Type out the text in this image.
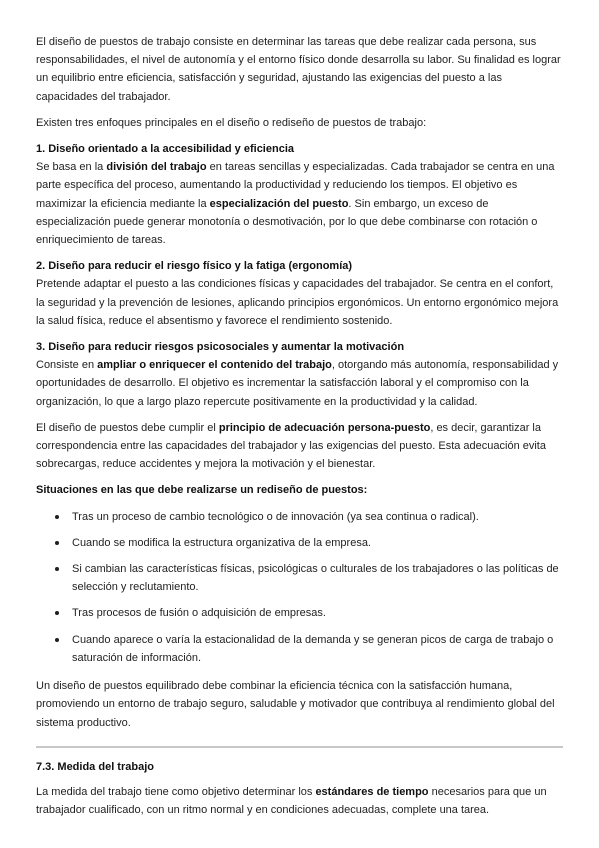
El diseño de puestos de trabajo consiste en determinar las tareas que debe realizar cada persona, sus responsabilidades, el nivel de autonomía y el entorno físico donde desarrolla su labor. Su finalidad es lograr un equilibrio entre eficiencia, satisfacción y seguridad, ajustando las exigencias del puesto a las capacidades del trabajador.

Existen tres enfoques principales en el diseño o rediseño de puestos de trabajo:

1. Diseño orientado a la accesibilidad y eficiencia
Se basa en la división del trabajo en tareas sencillas y especializadas. Cada trabajador se centra en una parte específica del proceso, aumentando la productividad y reduciendo los tiempos. El objetivo es maximizar la eficiencia mediante la especialización del puesto. Sin embargo, un exceso de especialización puede generar monotonía o desmotivación, por lo que debe combinarse con rotación o enriquecimiento de tareas.
2. Diseño para reducir el riesgo físico y la fatiga (ergonomía)
Pretende adaptar el puesto a las condiciones físicas y capacidades del trabajador. Se centra en el confort, la seguridad y la prevención de lesiones, aplicando principios ergonómicos. Un entorno ergonómico mejora la salud física, reduce el absentismo y favorece el rendimiento sostenido.
3. Diseño para reducir riesgos psicosociales y aumentar la motivación
Consiste en ampliar o enriquecer el contenido del trabajo, otorgando más autonomía, responsabilidad y oportunidades de desarrollo. El objetivo es incrementar la satisfacción laboral y el compromiso con la organización, lo que a largo plazo repercute positivamente en la productividad y la calidad.

El diseño de puestos debe cumplir el principio de adecuación persona-puesto, es decir, garantizar la correspondencia entre las capacidades del trabajador y las exigencias del puesto. Esta adecuación evita sobrecargas, reduce accidentes y mejora la motivación y el bienestar.

Situaciones en las que debe realizarse un rediseño de puestos:
Tras un proceso de cambio tecnológico o de innovación (ya sea continua o radical).
Cuando se modifica la estructura organizativa de la empresa.
Si cambian las características físicas, psicológicas o culturales de los trabajadores o las políticas de selección y reclutamiento.
Tras procesos de fusión o adquisición de empresas.
Cuando aparece o varía la estacionalidad de la demanda y se generan picos de carga de trabajo o saturación de información.

Un diseño de puestos equilibrado debe combinar la eficiencia técnica con la satisfacción humana, promoviendo un entorno de trabajo seguro, saludable y motivador que contribuya al rendimiento global del sistema productivo.

7.3. Medida del trabajo

La medida del trabajo tiene como objetivo determinar los estándares de tiempo necesarios para que un trabajador cualificado, con un ritmo normal y en condiciones adecuadas, complete una tarea.
